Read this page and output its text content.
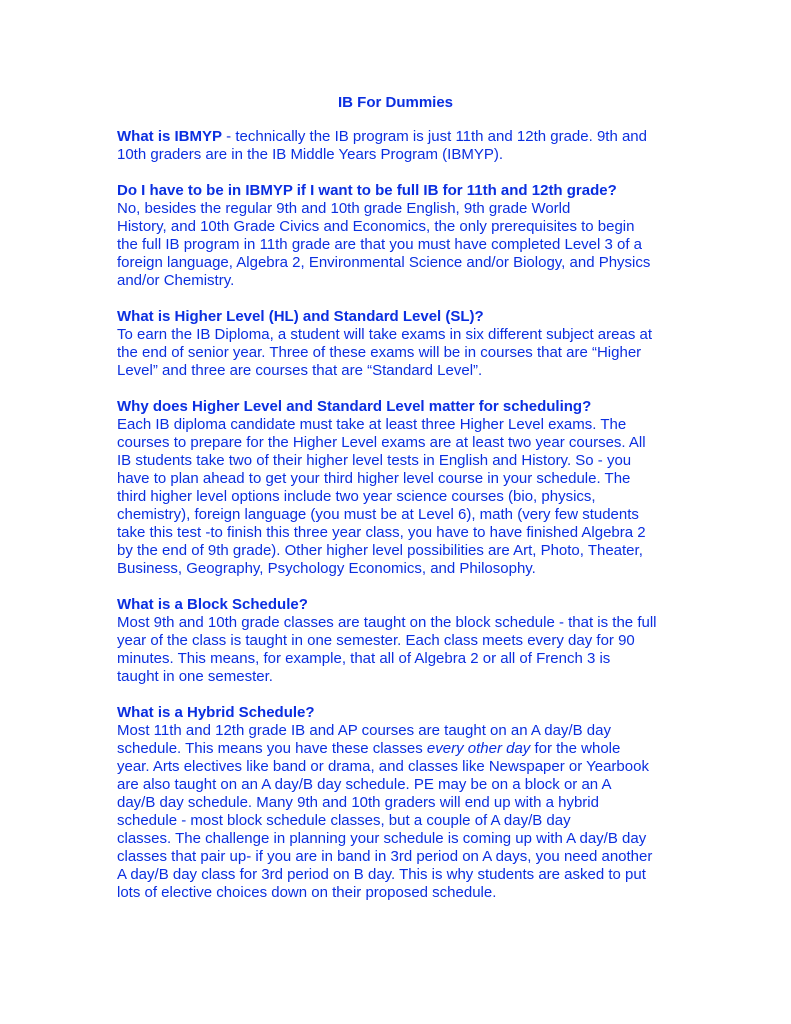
IB For Dummies
What is IBMYP - technically the IB program is just 11th and 12th grade. 9th and
10th graders are in the IB Middle Years Program (IBMYP).
Do I have to be in IBMYP if I want to be full IB for 11th and 12th grade?
No, besides the regular 9th and 10th grade English, 9th grade World
History, and 10th Grade Civics and Economics, the only prerequisites to begin
the full IB program in 11th grade are that you must have completed Level 3 of a
foreign language, Algebra 2, Environmental Science and/or Biology, and Physics
and/or Chemistry.
What is Higher Level (HL) and Standard Level (SL)?
To earn the IB Diploma, a student will take exams in six different subject areas at
the end of senior year. Three of these exams will be in courses that are “Higher
Level” and three are courses that are “Standard Level”.
Why does Higher Level and Standard Level matter for scheduling?
Each IB diploma candidate must take at least three Higher Level exams. The
courses to prepare for the Higher Level exams are at least two year courses. All
IB students take two of their higher level tests in English and History. So - you
have to plan ahead to get your third higher level course in your schedule. The
third higher level options include two year science courses (bio, physics,
chemistry), foreign language (you must be at Level 6), math (very few students
take this test -to finish this three year class, you have to have finished Algebra 2
by the end of 9th grade). Other higher level possibilities are Art, Photo, Theater,
Business, Geography, Psychology Economics, and Philosophy.
What is a Block Schedule?
Most 9th and 10th grade classes are taught on the block schedule - that is the full
year of the class is taught in one semester. Each class meets every day for 90
minutes. This means, for example, that all of Algebra 2 or all of French 3 is
taught in one semester.
What is a Hybrid Schedule?
Most 11th and 12th grade IB and AP courses are taught on an A day/B day
schedule. This means you have these classes every other day for the whole
year. Arts electives like band or drama, and classes like Newspaper or Yearbook
are also taught on an A day/B day schedule. PE may be on a block or an A
day/B day schedule. Many 9th and 10th graders will end up with a hybrid
schedule - most block schedule classes, but a couple of A day/B day
classes. The challenge in planning your schedule is coming up with A day/B day
classes that pair up- if you are in band in 3rd period on A days, you need another
A day/B day class for 3rd period on B day. This is why students are asked to put
lots of elective choices down on their proposed schedule.
